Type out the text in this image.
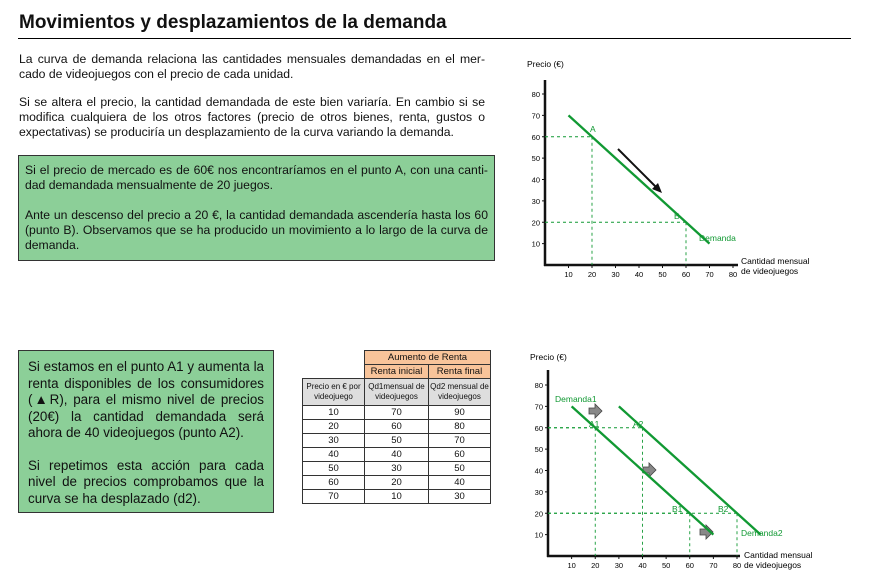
Movimientos y desplazamientos de la demanda
La curva de demanda relaciona las cantidades mensuales demandadas en el mer-cado de videojuegos con el precio de cada unidad.
Si se altera el precio, la cantidad demandada de este bien variaría. En cambio si se modifica cualquiera de los otros factores (precio de otros bienes, renta, gustos o expectativas) se produciría un desplazamiento de la curva variando la demanda.

Si el precio de mercado es de 60€ nos encontraríamos en el punto A, con una canti-dad demandada mensualmente de 20 juegos.

Ante un descenso del precio a 20 €, la cantidad demandada ascendería hasta los 60 (punto B). Observamos que se ha producido un movimiento a lo largo de la curva de demanda.

Si estamos en el punto A1 y aumenta la renta disponibles de los consumidores (▲R), para el mismo nivel de precios (20€) la cantidad demandada será ahora de 40 videojuegos (punto A2).

Si repetimos esta acción para cada nivel de precios comprobamos que la curva se ha desplazado (d2).

	Aumento de Renta	
	Renta inicial	Renta final
Precio en € por videojuego	Qd1mensual de videojuegos	Qd2 mensual de videojuegos
10	70	90
20	60	80
30	50	70
40	40	60
50	30	50
60	20	40
70	10	30
Precio (€)
Cantidad mensual
de videojuegos
Demanda
A
B
10
20
30
40
50
60
70
80
10 20 30 40 50 60 70 80
Precio (€)
Cantidad mensual
de videojuegos
Demanda1
Demanda2
A1	A2
B1	B2
10
20
30
40
50
60
70
80
10 20 30 40 50 60 70 80
